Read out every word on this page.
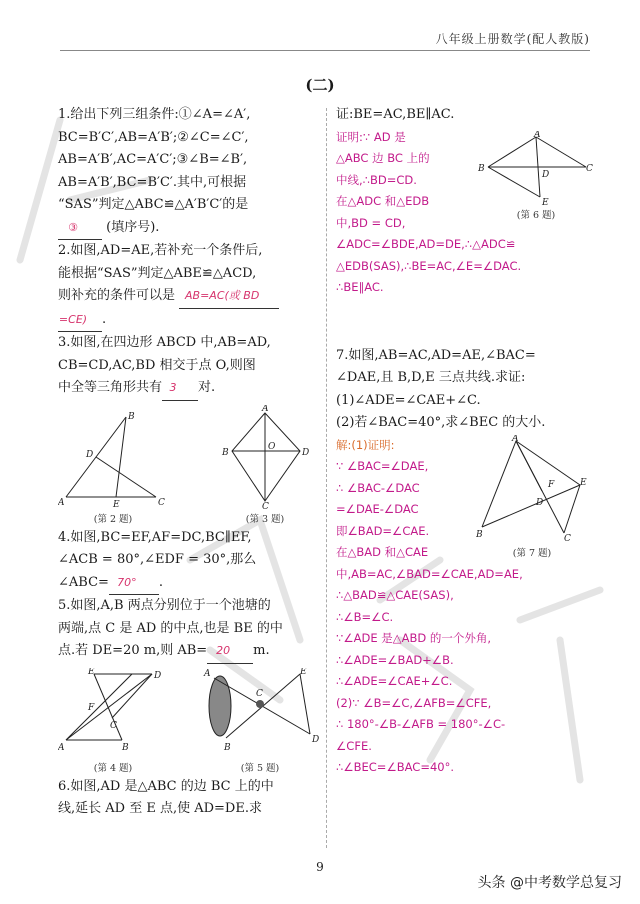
八年级上册数学(配人教版)
(二)
1.给出下列三组条件:①∠A=∠A′,
BC=B′C′,AB=A′B′;②∠C=∠C′,
AB=A′B′,AC=A′C′;③∠B=∠B′,
AB=A′B′,BC=B′C′.其中,可根据
“SAS”判定△ABC≌△A′B′C′的是
③ (填序号).
2.如图,AD=AE,若补充一个条件后,
能根据“SAS”判定△ABE≌△ACD,
则补充的条件可以是 AB=AC(或 BD
=CE) .
3.如图,在四边形 ABCD 中,AB=AD,
CB=CD,AC,BD 相交于点 O,则图
中全等三角形共有 3 对.
B
A	C
D
E
(第 2 题)
A
B
C
D
O
(第 3 题)
4.如图,BC=EF,AF=DC,BC∥EF,
∠ACB = 80°,∠EDF = 30°,那么
∠ABC= 70° .
5.如图,A,B 两点分别位于一个池塘的
两端,点 C 是 AD 的中点,也是 BE 的中
点.若 DE=20 m,则 AB= 20 m.
E	D
A	B
F
C
(第 4 题)
A
B
C
D
E
(第 5 题)
6.如图,AD 是△ABC 的边 BC 上的中
线,延长 AD 至 E 点,使 AD=DE.求
证:BE=AC,BE∥AC.
证明:∵ AD 是
△ABC 边 BC 上的
中线,∴BD=CD.
在△ADC 和△EDB
中,BD = CD,
∠ADC=∠BDE,AD=DE,∴△ADC≌
△EDB(SAS),∴BE=AC,∠E=∠DAC.
∴BE∥AC.
A
B	C
D
E
(第 6 题)
7.如图,AB=AC,AD=AE,∠BAC=
∠DAE,且 B,D,E 三点共线.求证:
(1)∠ADE=∠CAE+∠C.
(2)若∠BAC=40°,求∠BEC 的大小.
解:(1)证明:
∵ ∠BAC=∠DAE,
∴ ∠BAC-∠DAC
=∠DAE-∠DAC
即∠BAD=∠CAE.
在△BAD 和△CAE
中,AB=AC,∠BAD=∠CAE,AD=AE,
∴△BAD≌△CAE(SAS),
∴∠B=∠C.
∵∠ADE 是△ABD 的一个外角,
∴∠ADE=∠BAD+∠B.
∴∠ADE=∠CAE+∠C.
(2)∵ ∠B=∠C,∠AFB=∠CFE,
∴ 180°-∠B-∠AFB = 180°-∠C-
∠CFE.
∴∠BEC=∠BAC=40°.
A
B	C
D
E
F
(第 7 题)
9
头条 @中考数学总复习
